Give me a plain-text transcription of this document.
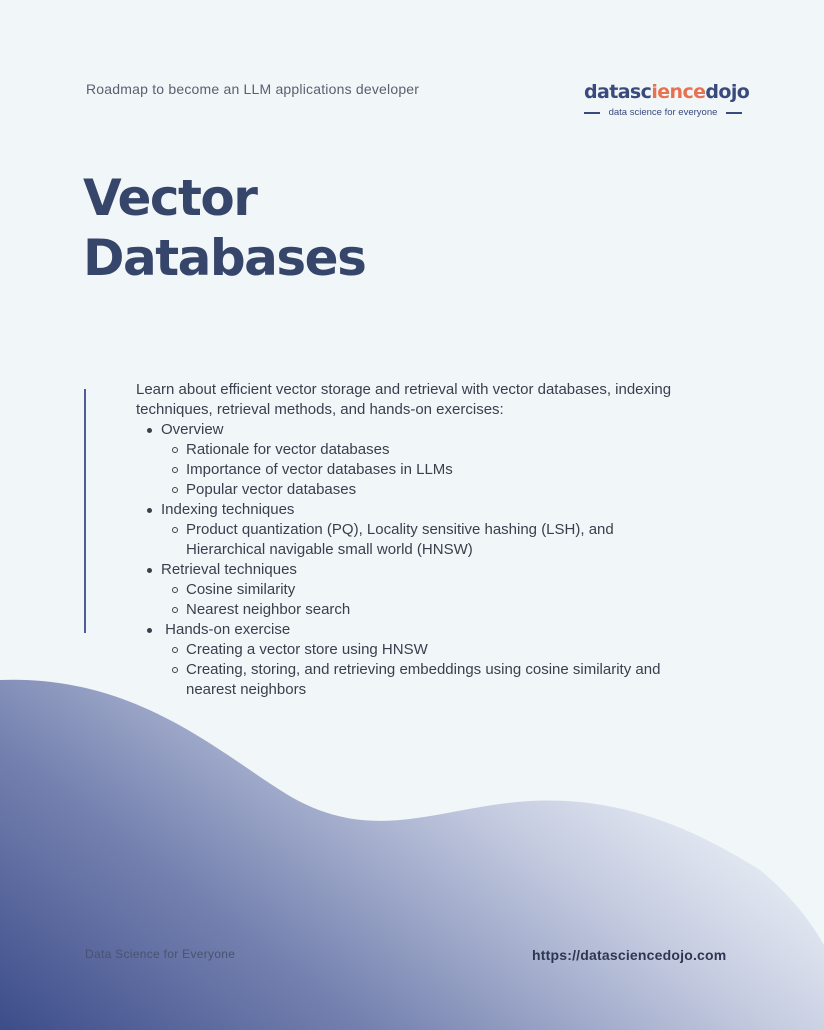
Roadmap to become an LLM applications developer	datasciencedojo
data science for everyone
Vector
Databases

Learn about efficient vector storage and retrieval with vector databases, indexing techniques, retrieval methods, and hands-on exercises:

Overview
Rationale for vector databases
Importance of vector databases in LLMs
Popular vector databases
Indexing techniques
Product quantization (PQ), Locality sensitive hashing (LSH), and Hierarchical navigable small world (HNSW)
Retrieval techniques
Cosine similarity
Nearest neighbor search
Hands-on exercise
Creating a vector store using HNSW
Creating, storing, and retrieving embeddings using cosine similarity and nearest neighbors
Data Science for Everyone	https://datasciencedojo.com
